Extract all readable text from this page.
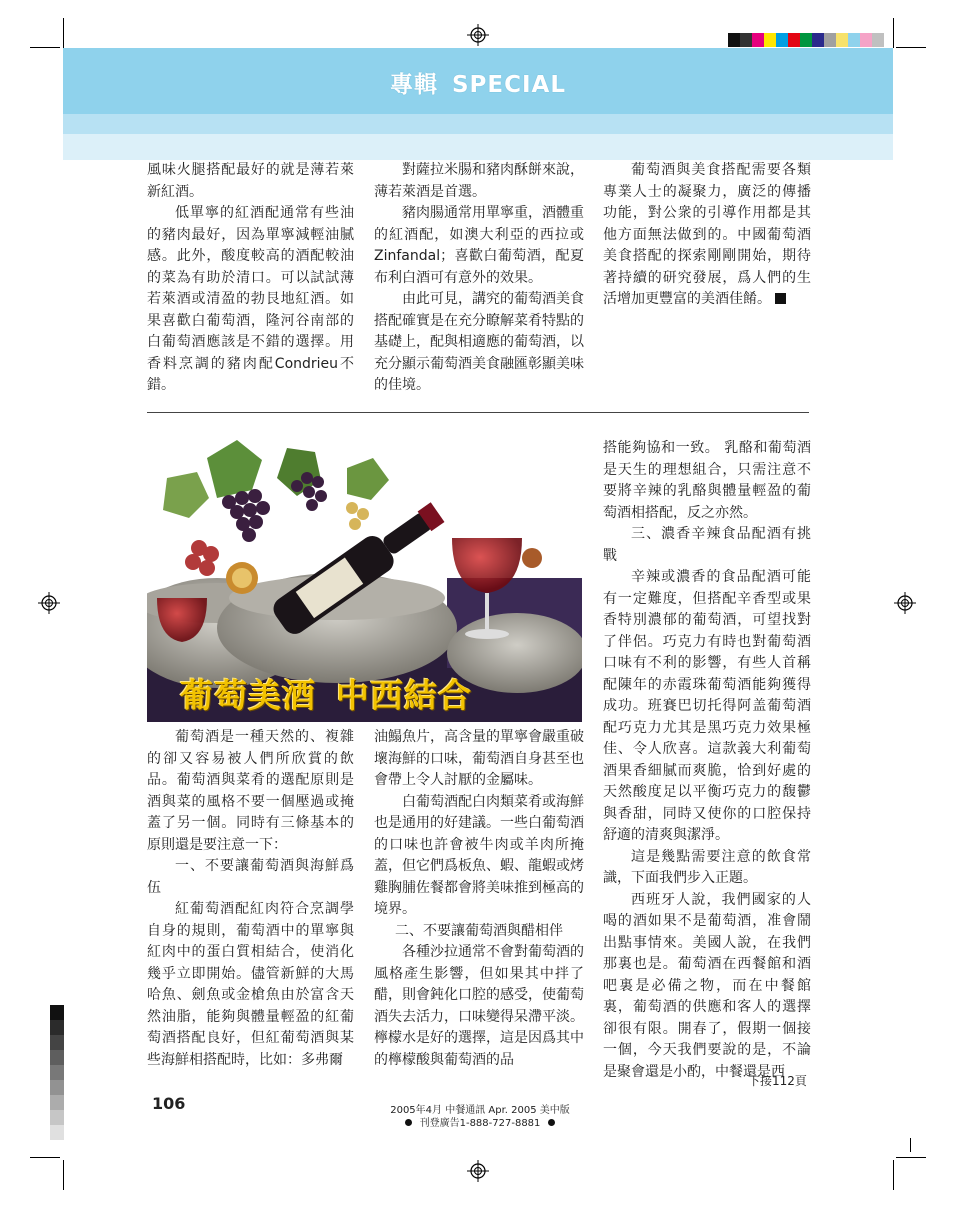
專輯 SPECIAL

風味火腿搭配最好的就是薄若萊新紅酒。

低單寧的紅酒配通常有些油的豬肉最好，因為單寧減輕油膩感。此外，酸度較高的酒配較油的菜為有助於清口。可以試試薄若萊酒或清盈的勃艮地紅酒。如果喜歡白葡萄酒，隆河谷南部的白葡萄酒應該是不錯的選擇。用香料烹調的豬肉配Condrieu不錯。

對薩拉米腸和豬肉酥餅來說，薄若萊酒是首選。

豬肉腸通常用單寧重，酒體重的紅酒配，如澳大利亞的西拉或Zinfandal；喜歡白葡萄酒，配夏布利白酒可有意外的效果。

由此可見，講究的葡萄酒美食搭配確實是在充分瞭解菜肴特點的基礎上，配與相適應的葡萄酒，以充分顯示葡萄酒美食融匯彰顯美味的佳境。

葡萄酒與美食搭配需要各類專業人士的凝聚力，廣泛的傳播功能，對公衆的引導作用都是其他方面無法做到的。中國葡萄酒美食搭配的探索剛剛開始，期待著持續的研究發展，爲人們的生活增加更豐富的美酒佳餚。

葡萄美酒 中西結合

葡萄酒是一種天然的、複雜的卻又容易被人們所欣賞的飲品。葡萄酒與菜肴的選配原則是酒與菜的風格不要一個壓過或掩蓋了另一個。同時有三條基本的原則還是要注意一下：

一、不要讓葡萄酒與海鮮爲伍

紅葡萄酒配紅肉符合烹調學自身的規則，葡萄酒中的單寧與紅肉中的蛋白質相結合，使消化幾乎立即開始。儘管新鮮的大馬哈魚、劍魚或金槍魚由於富含天然油脂，能夠與體量輕盈的紅葡萄酒搭配良好，但紅葡萄酒與某些海鮮相搭配時，比如：多弗爾

油鰨魚片，高含量的單寧會嚴重破壞海鮮的口味，葡萄酒自身甚至也會帶上令人討厭的金屬味。

白葡萄酒配白肉類菜肴或海鮮也是通用的好建議。一些白葡萄酒的口味也許會被牛肉或羊肉所掩蓋，但它們爲板魚、蝦、龍蝦或烤雞胸脯佐餐都會將美味推到極高的境界。

二、不要讓葡萄酒與醋相伴

各種沙拉通常不會對葡萄酒的風格產生影響，但如果其中拌了醋，則會鈍化口腔的感受，使葡萄酒失去活力，口味變得呆滯平淡。檸檬水是好的選擇，這是因爲其中的檸檬酸與葡萄酒的品

搭能夠協和一致。 乳酪和葡萄酒是天生的理想組合，只需注意不要將辛辣的乳酪與體量輕盈的葡萄酒相搭配，反之亦然。

三、濃香辛辣食品配酒有挑戰

辛辣或濃香的食品配酒可能有一定難度，但搭配辛香型或果香特別濃郁的葡萄酒，可望找對了伴侶。巧克力有時也對葡萄酒口味有不利的影響，有些人首稱配陳年的赤霞珠葡萄酒能夠獲得成功。班賽巴切托得阿盖葡萄酒配巧克力尤其是黑巧克力效果極佳、令人欣喜。這款義大利葡萄酒果香細膩而爽脆，恰到好處的天然酸度足以平衡巧克力的馥鬱與香甜，同時又使你的口腔保持舒適的清爽與潔淨。

這是幾點需要注意的飲食常識，下面我們步入正題。

西班牙人說，我們國家的人喝的酒如果不是葡萄酒，准會鬧出點事情來。美國人說，在我們那裏也是。葡萄酒在西餐館和酒吧裏是必備之物，而在中餐館裏，葡萄酒的供應和客人的選擇卻很有限。開春了，假期一個接一個，今天我們要說的是，不論是聚會還是小酌，中餐還是西

下接112頁
106	2005年4月 中餐通訊 Apr. 2005 美中版
刊登廣告1-888-727-8881
